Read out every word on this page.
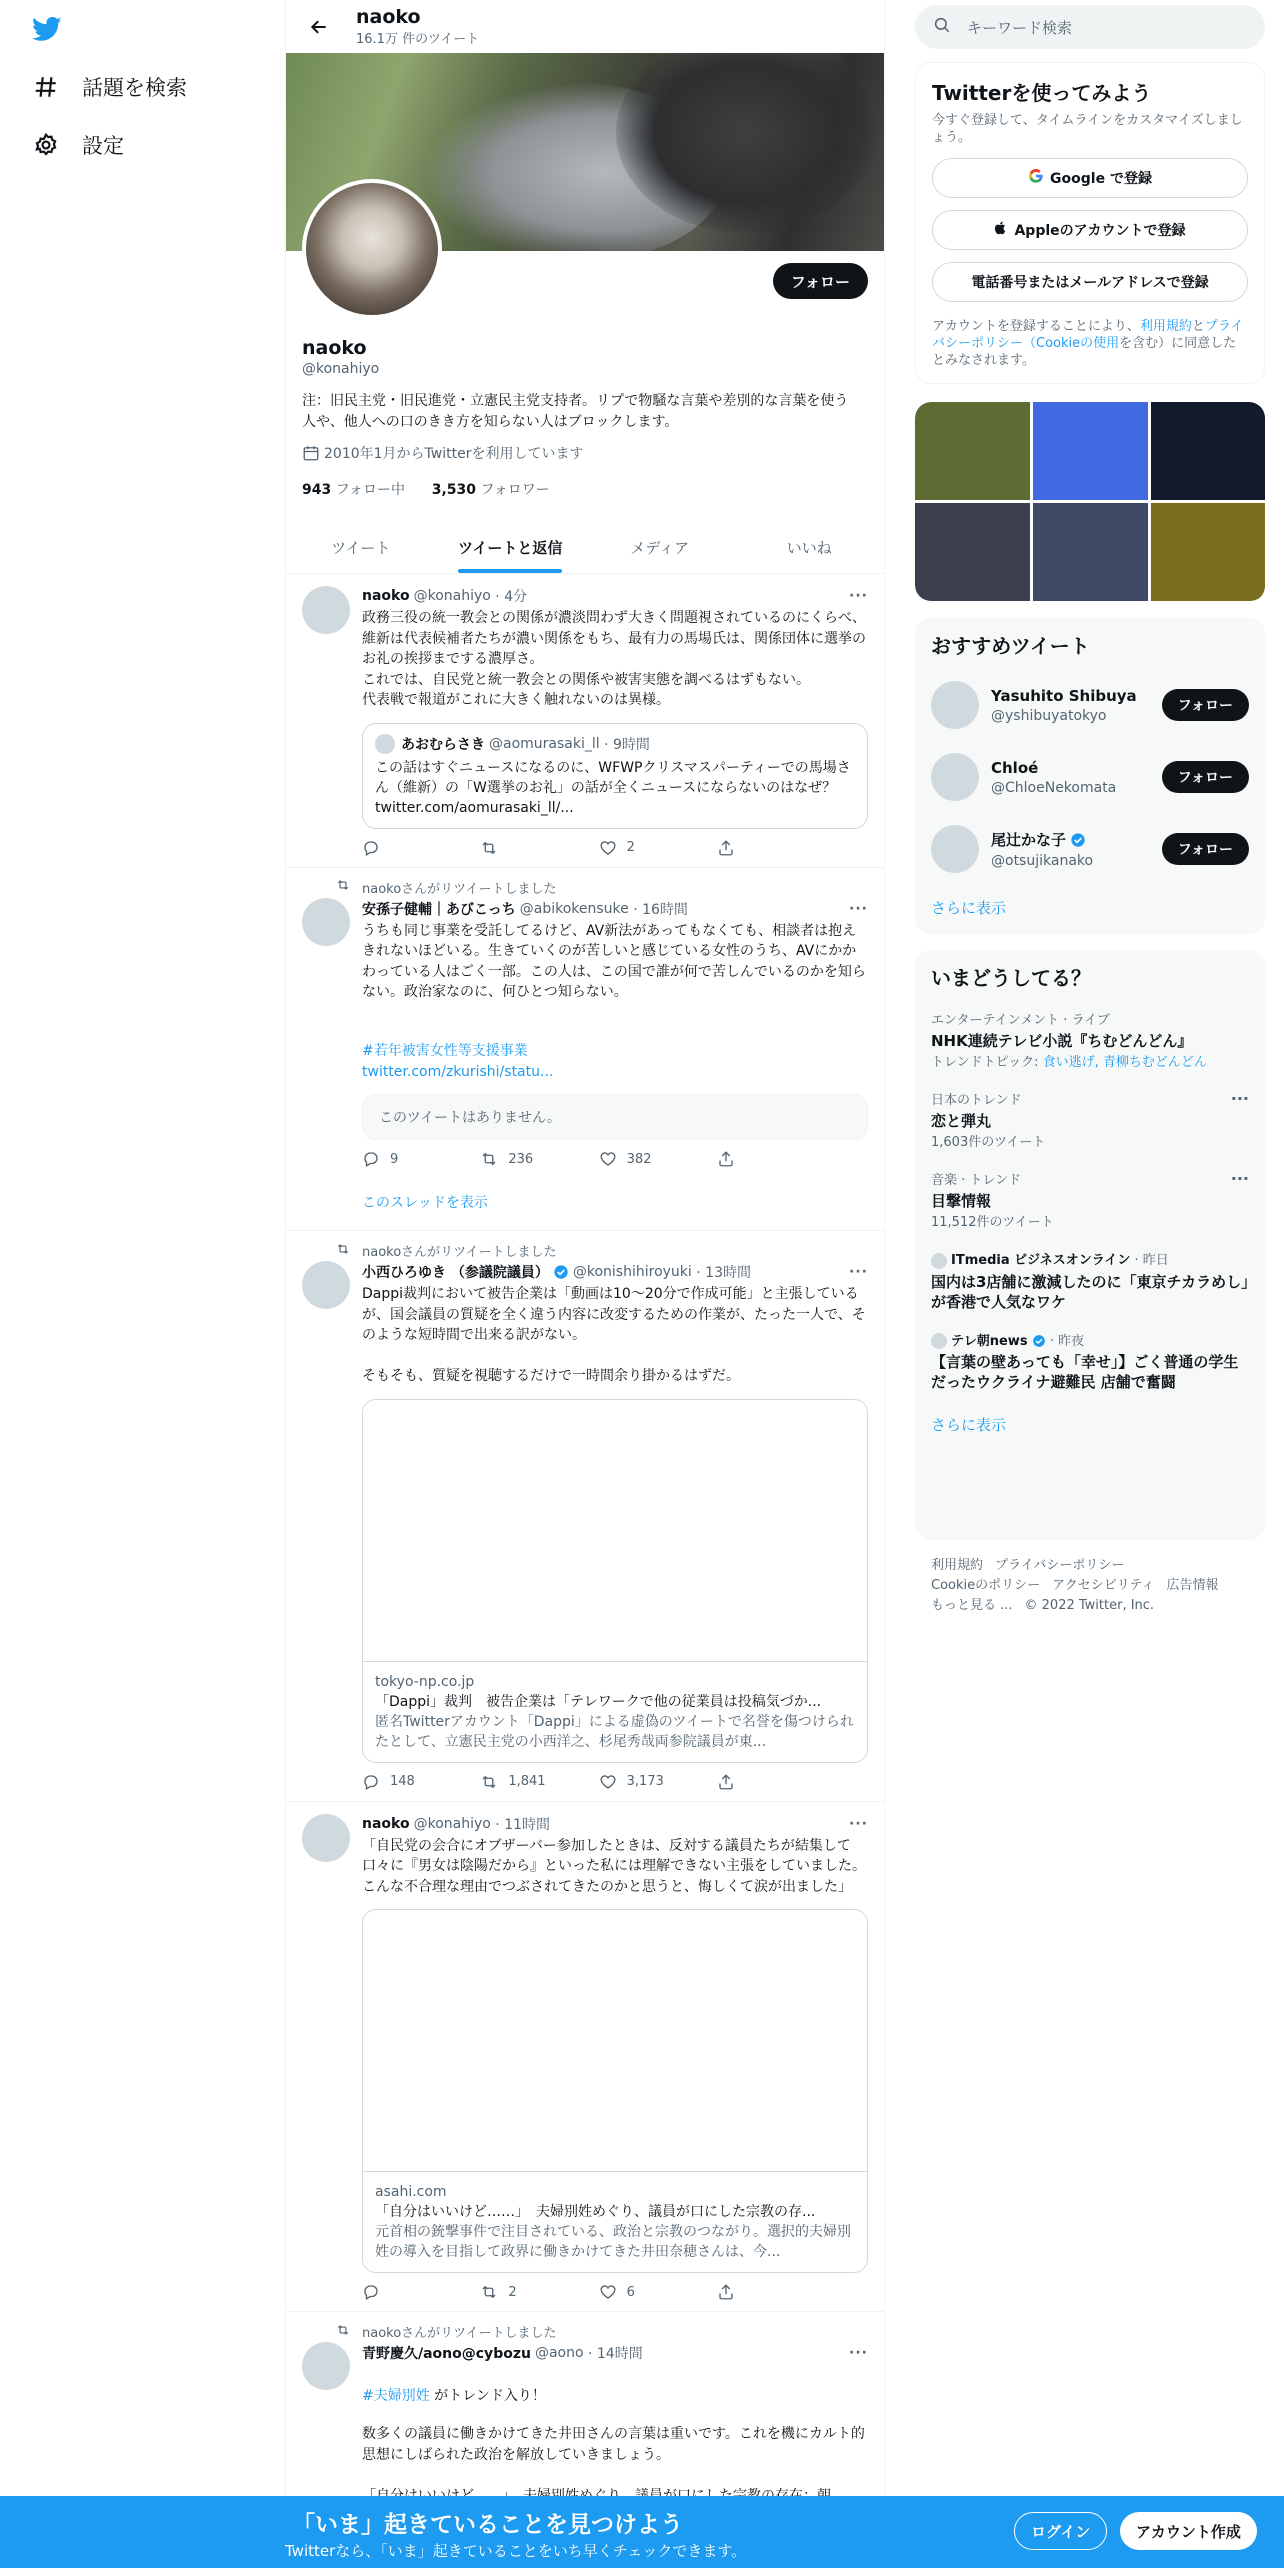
話題を検索
設定
naoko
16.1万 件のツイート
フォロー
naoko
@konahiyo
注：旧民主党・旧民進党・立憲民主党支持者。リプで物騒な言葉や差別的な言葉を使う人や、他人への口のきき方を知らない人はブロックします。
2010年1月からTwitterを利用しています
943 フォロー中 3,530 フォロワー
ツイート	ツイートと返信	メディア	いいね
naoko @konahiyo
· 4分	···
政務三役の統一教会との関係が濃淡問わず大きく問題視されているのにくらべ、維新は代表候補者たちが濃い関係をもち、最有力の馬場氏は、関係団体に選挙のお礼の挨拶までする濃厚さ。
これでは、自民党と統一教会との関係や被害実態を調べるはずもない。
代表戦で報道がこれに大きく触れないのは異様。
あおむらさき @aomurasaki_ll
· 9時間
この話はすぐニュースになるのに、WFWPクリスマスパーティーでの馬場さん（維新）の「W選挙のお礼」の話が全くニュースにならないのはなぜ？ twitter.com/aomurasaki_ll/...
2
naokoさんがリツイートしました
安孫子健輔｜あびこっち @abikokensuke
· 16時間	···
うちも同じ事業を受託してるけど、AV新法があってもなくても、相談者は抱えきれないほどいる。生きていくのが苦しいと感じている女性のうち、AVにかかわっている人はごく一部。この人は、この国で誰が何で苦しんでいるのかを知らない。政治家なのに、何ひとつ知らない。

#若年被害女性等支援事業
twitter.com/zkurishi/statu...

このツイートはありません。
9	236	382
このスレッドを表示
naokoさんがリツイートしました
小西ひろゆき （参議院議員） @konishihiroyuki
· 13時間	···
Dappi裁判において被告企業は「動画は10～20分で作成可能」と主張しているが、国会議員の質疑を全く違う内容に改変するための作業が、たった一人で、そのような短時間で出来る訳がない。

そもそも、質疑を視聴するだけで一時間余り掛かるはずだ。
tokyo-np.co.jp
「Dappi」裁判　被告企業は「テレワークで他の従業員は投稿気づか...
匿名Twitterアカウント「Dappi」による虚偽のツイートで名誉を傷つけられたとして、立憲民主党の小西洋之、杉尾秀哉両参院議員が東...
148	1,841	3,173
naoko @konahiyo
· 11時間	···
「自民党の会合にオブザーバー参加したときは、反対する議員たちが結集して口々に『男女は陰陽だから』といった私には理解できない主張をしていました。こんな不合理な理由でつぶされてきたのかと思うと、悔しくて涙が出ました」
asahi.com
「自分はいいけど……」　夫婦別姓めぐり、議員が口にした宗教の存...
元首相の銃撃事件で注目されている、政治と宗教のつながり。選択的夫婦別姓の導入を目指して政界に働きかけてきた井田奈穂さんは、今...
2	6
naokoさんがリツイートしました
青野慶久/aono@cybozu @aono
· 14時間	···

#夫婦別姓 がトレンド入り！

数多くの議員に働きかけてきた井田さんの言葉は重いです。これを機にカルト的思想にしばられた政治を解放していきましょう。

キーワード検索
Twitterを使ってみよう
今すぐ登録して、タイムラインをカスタマイズしましょう。
Google で登録
Appleのアカウントで登録
電話番号またはメールアドレスで登録
アカウントを登録することにより、利用規約とプライバシーポリシー（Cookieの使用を含む）に同意したとみなされます。
おすすめツイート
Yasuhito Shibuya
@yshibuyatokyo
フォロー
Chloé
@ChloeNekomata
フォロー
尾辻かな子
@otsujikanako
フォロー
さらに表示
いまどうしてる？
エンターテインメント · ライブ
NHK連続テレビ小説『ちむどんどん』
トレンドトピック: 食い逃げ, 青柳ちむどんどん
日本のトレンド
恋と弾丸
1,603件のツイート
···
音楽 · トレンド
目撃情報
11,512件のツイート
···
ITmedia ビジネスオンライン · 昨日
国内は3店舗に激減したのに「東京チカラめし」が香港で人気なワケ
テレ朝news · 昨夜
【言葉の壁あっても「幸せ」】ごく普通の学生だったウクライナ避難民 店舗で奮闘
さらに表示
利用規約 プライバシーポリシー
Cookieのポリシー アクセシビリティ 広告情報
もっと見る ... © 2022 Twitter, Inc.
「いま」起きていることを見つけよう
Twitterなら、「いま」起きていることをいち早くチェックできます。
ログイン	アカウント作成
